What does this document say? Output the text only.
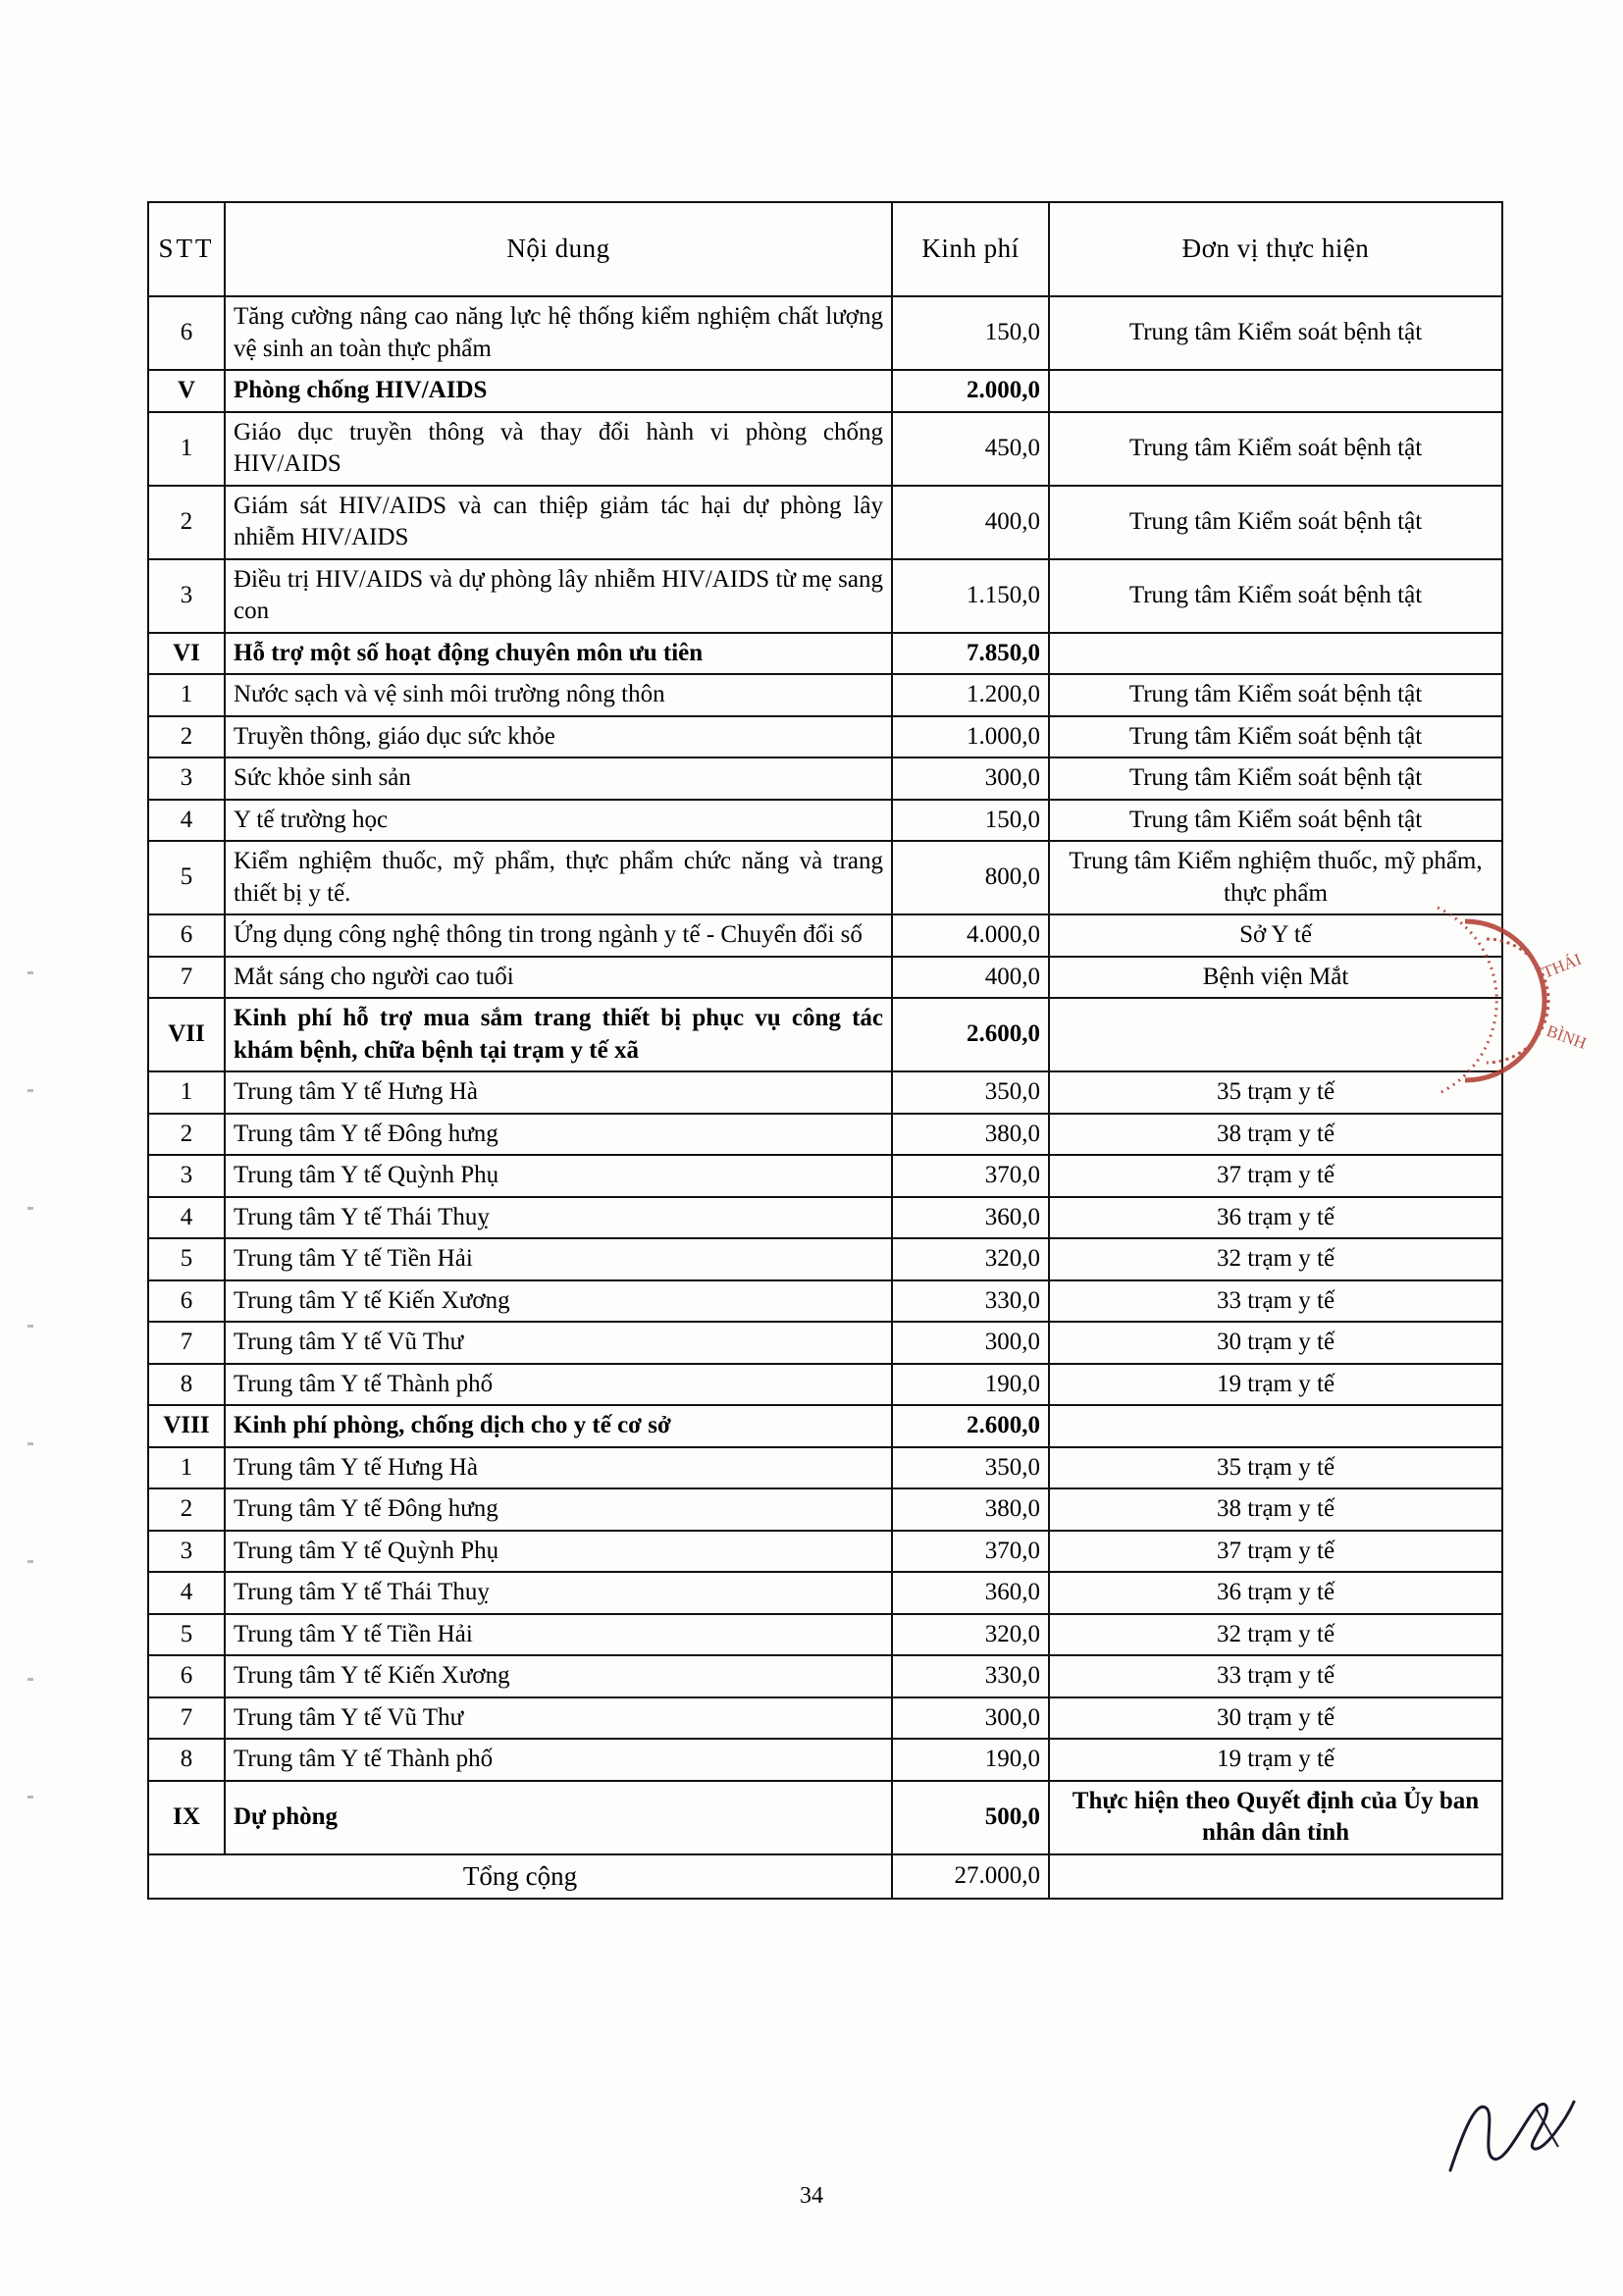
STT	Nội dung	Kinh phí	Đơn vị thực hiện
6	Tăng cường nâng cao năng lực hệ thống kiểm nghiệm chất lượng vệ sinh an toàn thực phẩm	150,0	Trung tâm Kiểm soát bệnh tật
V	Phòng chống HIV/AIDS	2.000,0	
1	Giáo dục truyền thông và thay đổi hành vi phòng chống HIV/AIDS	450,0	Trung tâm Kiểm soát bệnh tật
2	Giám sát HIV/AIDS và can thiệp giảm tác hại dự phòng lây nhiễm HIV/AIDS	400,0	Trung tâm Kiểm soát bệnh tật
3	Điều trị HIV/AIDS và dự phòng lây nhiễm HIV/AIDS từ mẹ sang con	1.150,0	Trung tâm Kiểm soát bệnh tật
VI	Hỗ trợ một số hoạt động chuyên môn ưu tiên	7.850,0	
1	Nước sạch và vệ sinh môi trường nông thôn	1.200,0	Trung tâm Kiểm soát bệnh tật
2	Truyền thông, giáo dục sức khỏe	1.000,0	Trung tâm Kiểm soát bệnh tật
3	Sức khỏe sinh sản	300,0	Trung tâm Kiểm soát bệnh tật
4	Y tế trường học	150,0	Trung tâm Kiểm soát bệnh tật
5	Kiểm nghiệm thuốc, mỹ phẩm, thực phẩm chức năng và trang thiết bị y tế.	800,0	Trung tâm Kiểm nghiệm thuốc, mỹ phẩm, thực phẩm
6	Ứng dụng công nghệ thông tin trong ngành y tế - Chuyển đổi số	4.000,0	Sở Y tế
7	Mắt sáng cho người cao tuổi	400,0	Bệnh viện Mắt
VII	Kinh phí hỗ trợ mua sắm trang thiết bị phục vụ công tác khám bệnh, chữa bệnh tại trạm y tế xã	2.600,0	
1	Trung tâm Y tế Hưng Hà	350,0	35 trạm y tế
2	Trung tâm Y tế Đông hưng	380,0	38 trạm y tế
3	Trung tâm Y tế Quỳnh Phụ	370,0	37 trạm y tế
4	Trung tâm Y tế Thái Thuỵ	360,0	36 trạm y tế
5	Trung tâm Y tế Tiền Hải	320,0	32 trạm y tế
6	Trung tâm Y tế Kiến Xương	330,0	33 trạm y tế
7	Trung tâm Y tế Vũ Thư	300,0	30 trạm y tế
8	Trung tâm Y tế Thành phố	190,0	19 trạm y tế
VIII	Kinh phí phòng, chống dịch cho y tế cơ sở	2.600,0	
1	Trung tâm Y tế Hưng Hà	350,0	35 trạm y tế
2	Trung tâm Y tế Đông hưng	380,0	38 trạm y tế
3	Trung tâm Y tế Quỳnh Phụ	370,0	37 trạm y tế
4	Trung tâm Y tế Thái Thuỵ	360,0	36 trạm y tế
5	Trung tâm Y tế Tiền Hải	320,0	32 trạm y tế
6	Trung tâm Y tế Kiến Xương	330,0	33 trạm y tế
7	Trung tâm Y tế Vũ Thư	300,0	30 trạm y tế
8	Trung tâm Y tế Thành phố	190,0	19 trạm y tế
IX	Dự phòng	500,0	Thực hiện theo Quyết định của Ủy ban nhân dân tỉnh
Tổng cộng		27.000,0	
THÁI
BÌNH
34
